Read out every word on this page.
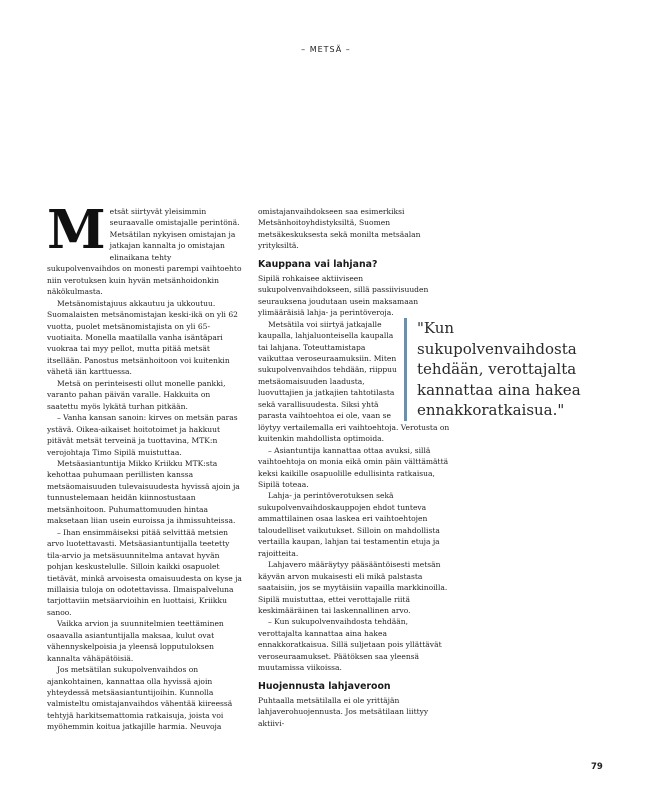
– METSÄ –
M etsät siirtyvät yleisimmin seuraavalle omistajalle perintönä. Metsätilan nykyisen omistajan ja jatkajan kannalta jo omistajan elinaikana tehty sukupolvenvaihdos on monesti parempi vaihtoehto niin verotuksen kuin hyvän metsänhoidonkin näkökulmasta.

Metsänomistajuus akkautuu ja ukkoutuu. Suomalaisten metsänomistajan keski-ikä on yli 62 vuotta, puolet metsänomistajista on yli 65-vuotiaita. Monella maatilalla vanha isäntäpari vuokraa tai myy pellot, mutta pitää metsät itsellään. Panostus metsänhoitoon voi kuitenkin vähetä iän karttuessa.

Metsä on perinteisesti ollut monelle pankki, varanto pahan päivän varalle. Hakkuita on saatettu myös lykätä turhan pitkään.

– Vanha kansan sanoin: kirves on metsän paras ystävä. Oikea-aikaiset hoitotoimet ja hakkuut pitävät metsät terveinä ja tuottavina, MTK:n verojohtaja Timo Sipilä muistuttaa.

Metsäasiantuntija Mikko Kriikku MTK:sta kehottaa puhumaan perillisten kanssa metsäomaisuuden tulevaisuudesta hyvissä ajoin ja tunnustelemaan heidän kiinnostustaan metsänhoitoon. Puhumattomuuden hintaa maksetaan liian usein euroissa ja ihmissuhteissa.

– Ihan ensimmäiseksi pitää selvittää metsien arvo luotettavasti. Metsäasiantuntijalla teetetty tila-arvio ja metsäsuunnitelma antavat hyvän pohjan keskustelulle. Silloin kaikki osapuolet tietävät, minkä arvoisesta omaisuudesta on kyse ja millaisia tuloja on odotettavissa. Ilmaispalveluna tarjottaviin metsäarvioihin en luottaisi, Kriikku sanoo.

Vaikka arvion ja suunnitelmien teettäminen osaavalla asiantuntijalla maksaa, kulut ovat vähennyskelpoisia ja yleensä lopputuloksen kannalta vähäpätöisiä.

Jos metsätilan sukupolvenvaihdos on ajankohtainen, kannattaa olla hyvissä ajoin yhteydessä metsäasiantuntijoihin. Kunnolla valmisteltu omistajanvaihdos vähentää kiireessä tehtyjä harkitsemattomia ratkaisuja, joista voi myöhemmin koitua jatkajille harmia. Neuvoja

omistajanvaihdokseen saa esimerkiksi Metsänhoitoyhdistyksiltä, Suomen metsäkeskuksesta sekä monilta metsäalan yrityksiltä.

Kauppana vai lahjana?

Sipilä rohkaisee aktiiviseen sukupolvenvaihdokseen, sillä passiivisuuden seurauksena joudutaan usein maksamaan ylimääräisiä lahja- ja perintöveroja.

Metsätila voi siirtyä jatkajalle kaupalla, lahjaluonteisella kaupalla tai lahjana. Toteuttamistapa vaikuttaa veroseuraamuksiin. Miten sukupolvenvaihdos tehdään, riippuu metsäomaisuuden laadusta, luovuttajien ja jatkajien tahtotilasta sekä varallisuudesta. Siksi yhtä parasta vaihtoehtoa ei ole, vaan se

löytyy vertailemalla eri vaihtoehtoja. Verotusta on kuitenkin mahdollista optimoida.

– Asiantuntija kannattaa ottaa avuksi, sillä vaihtoehtoja on monia eikä omin päin välttämättä keksi kaikille osapuolille edullisinta ratkaisua, Sipilä toteaa.

Lahja- ja perintöverotuksen sekä sukupolvenvaihdoskauppojen ehdot tunteva ammattilainen osaa laskea eri vaihtoehtojen taloudelliset vaikutukset. Silloin on mahdollista vertailla kaupan, lahjan tai testamentin etuja ja rajoitteita.

Lahjavero määräytyy pääsääntöisesti metsän käyvän arvon mukaisesti eli mikä palstasta saataisiin, jos se myytäisiin vapailla markkinoilla. Sipilä muistuttaa, ettei verottajalle riitä keskimääräinen tai laskennallinen arvo.

– Kun sukupolvenvaihdosta tehdään, verottajalta kannattaa aina hakea ennakkoratkaisua. Sillä suljetaan pois yllättävät veroseuraamukset. Päätöksen saa yleensä muutamissa viikoissa.

Huojennusta lahjaveroon

Puhtaalla metsätilalla ei ole yrittäjän lahjaverohuojennusta. Jos metsätilaan liittyy aktiivi-

"Kun sukupolvenvaihdosta tehdään, verottajalta kannattaa aina hakea ennakkoratkaisua."

79
